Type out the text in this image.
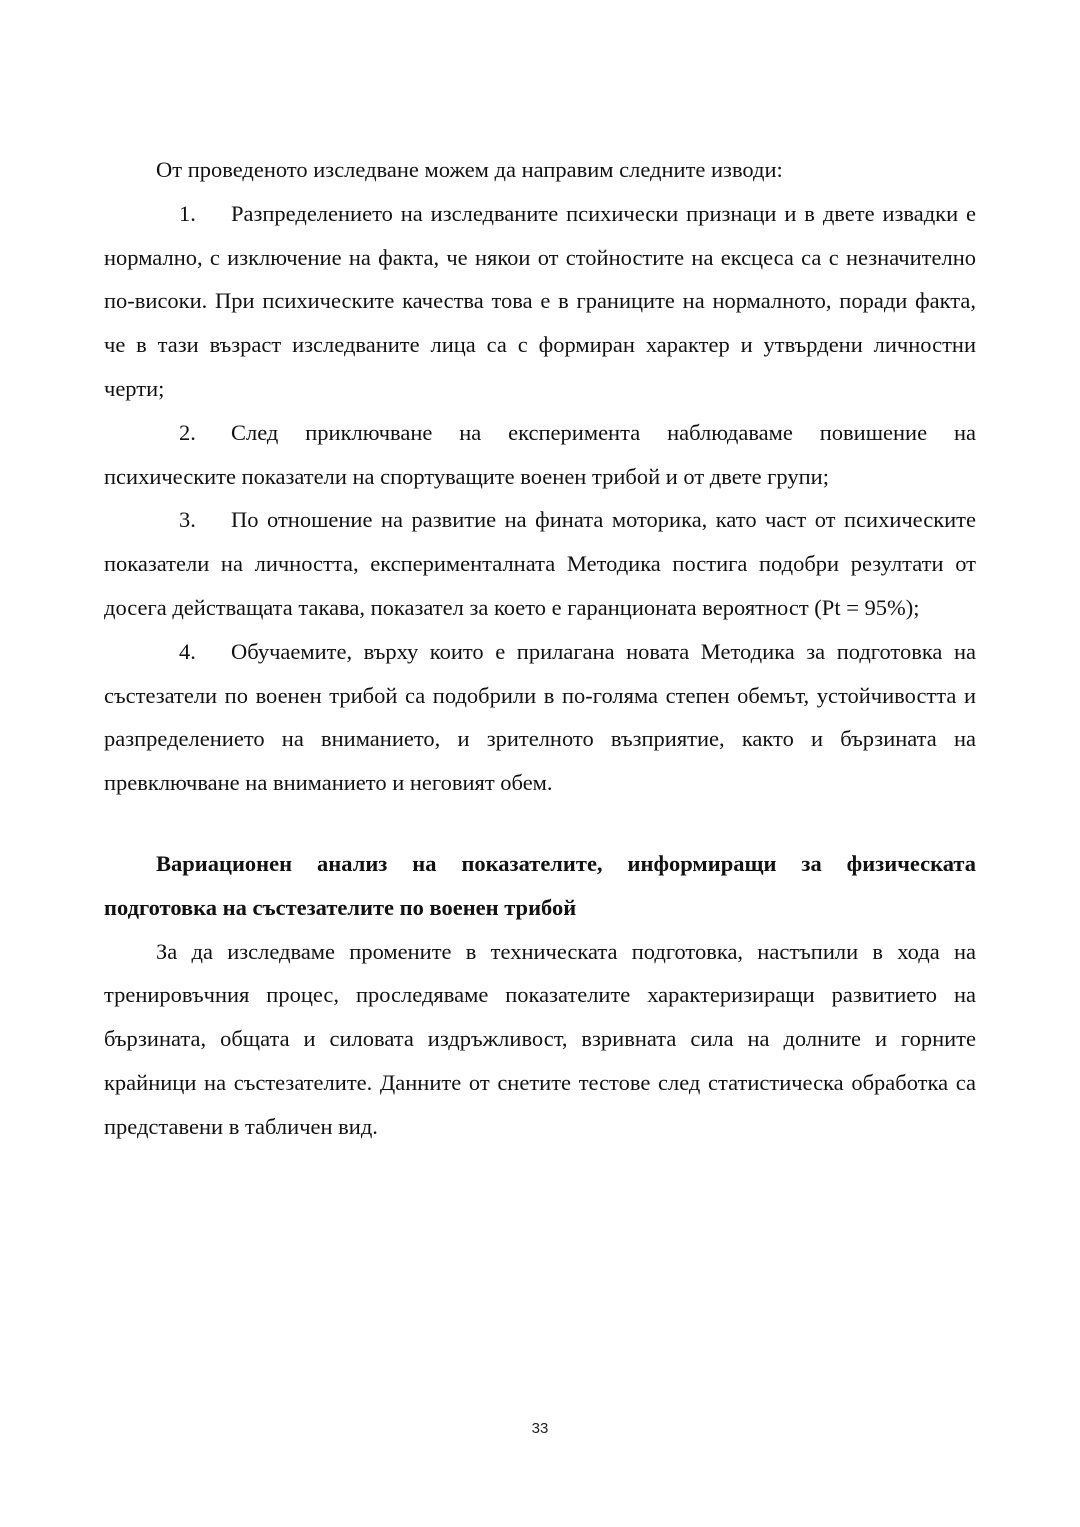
От проведеното изследване можем да направим следните изводи:

1. Разпределението на изследваните психически признаци и в двете извадки е нормално, с изключение на факта, че някои от стойностите на ексцеса са с незначително по-високи. При психическите качества това е в границите на нормалното, поради факта, че в тази възраст изследваните лица са с формиран характер и утвърдени личностни черти;

2. След приключване на експеримента наблюдаваме повишение на психическите показатели на спортуващите военен трибой и от двете групи;

3. По отношение на развитие на фината моторика, като част от психическите показатели на личността, експерименталната Методика постига подобри резултати от досега действащата такава, показател за което е гаранционата вероятност (Pt = 95%);

4. Обучаемите, върху които е прилагана новата Методика за подготовка на състезатели по военен трибой са подобрили в по-голяма степен обемът, устойчивостта и разпределението на вниманието, и зрителното възприятие, както и бързината на превключване на вниманието и неговият обем.

Вариационен анализ на показателите, информиращи за физическата подготовка на състезателите по военен трибой

За да изследваме промените в техническата подготовка, настъпили в хода на тренировъчния процес, проследяваме показателите характеризиращи развитието на бързината, общата и силовата издръжливост, взривната сила на долните и горните крайници на състезателите. Данните от снетите тестове след статистическа обработка са представени в табличен вид.

33
